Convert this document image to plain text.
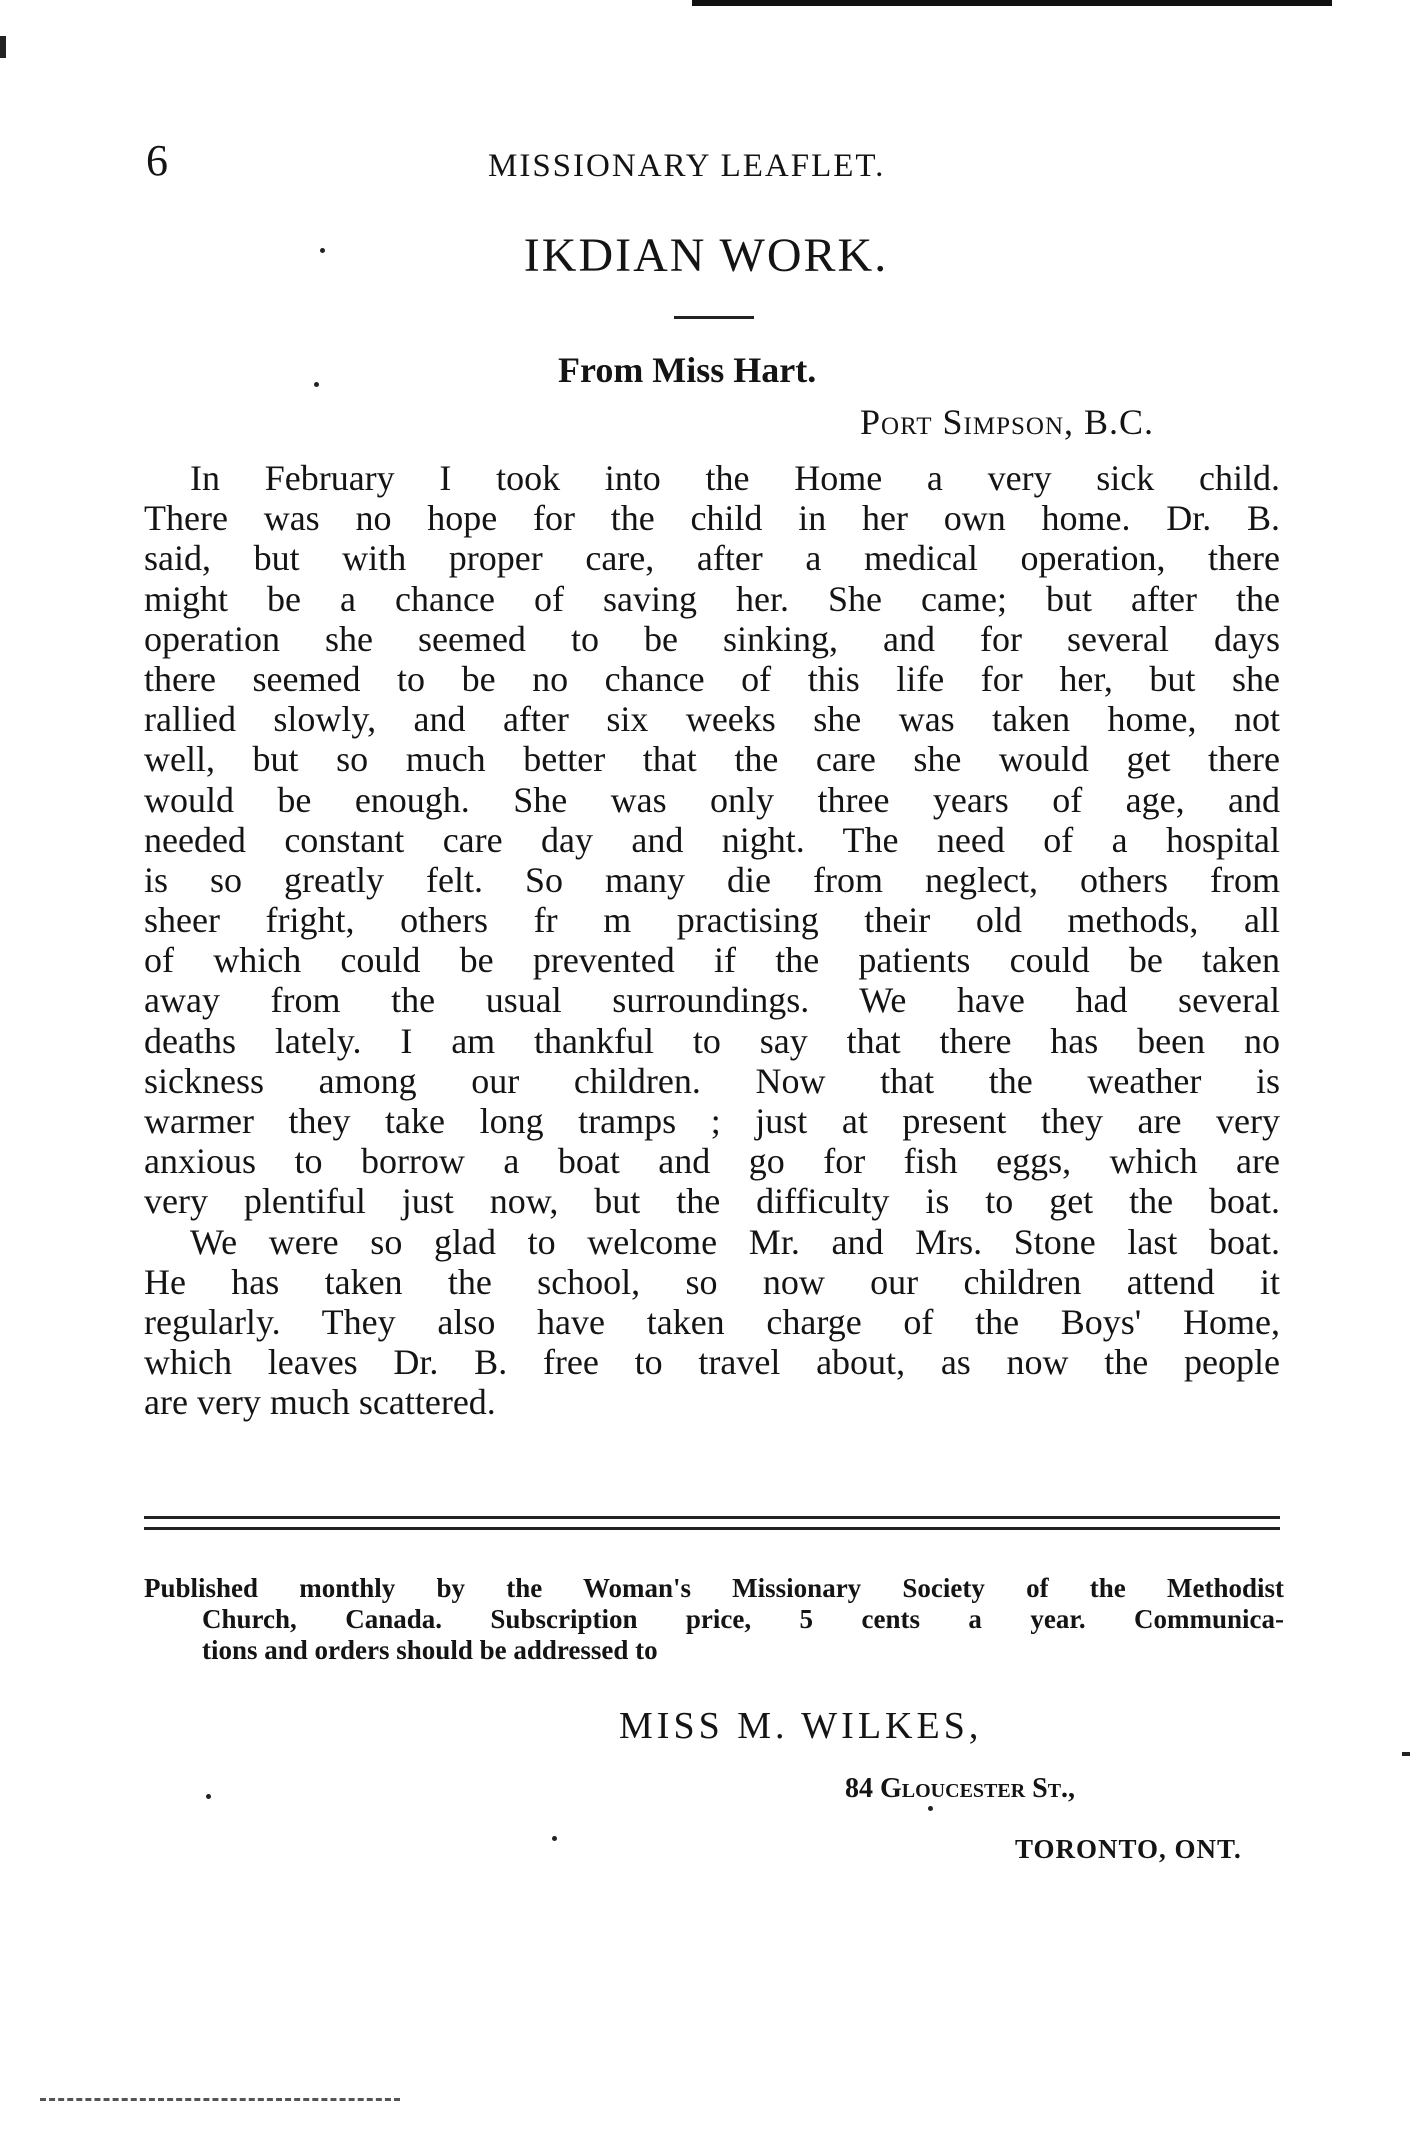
6	MISSIONARY LEAFLET.
IKDIAN WORK.
From Miss Hart.
Port Simpson, B.C.
In February I took into the Home a very sick child.
There was no hope for the child in her own home. Dr. B.
said, but with proper care, after a medical operation, there
might be a chance of saving her. She came; but after the
operation she seemed to be sinking, and for several days
there seemed to be no chance of this life for her, but she
rallied slowly, and after six weeks she was taken home, not
well, but so much better that the care she would get there
would be enough. She was only three years of age, and
needed constant care day and night. The need of a hospital
is so greatly felt. So many die from neglect, others from
sheer fright, others fr m practising their old methods, all
of which could be prevented if the patients could be taken
away from the usual surroundings. We have had several
deaths lately. I am thankful to say that there has been no
sickness among our children. Now that the weather is
warmer they take long tramps ; just at present they are very
anxious to borrow a boat and go for fish eggs, which are
very plentiful just now, but the difficulty is to get the boat.
We were so glad to welcome Mr. and Mrs. Stone last boat.
He has taken the school, so now our children attend it
regularly. They also have taken charge of the Boys' Home,
which leaves Dr. B. free to travel about, as now the people
are very much scattered.
Published monthly by the Woman's Missionary Society of the Methodist
Church, Canada. Subscription price, 5 cents a year. Communica-
tions and orders should be addressed to
MISS M. WILKES,
84 Gloucester St.,
TORONTO, ONT.
